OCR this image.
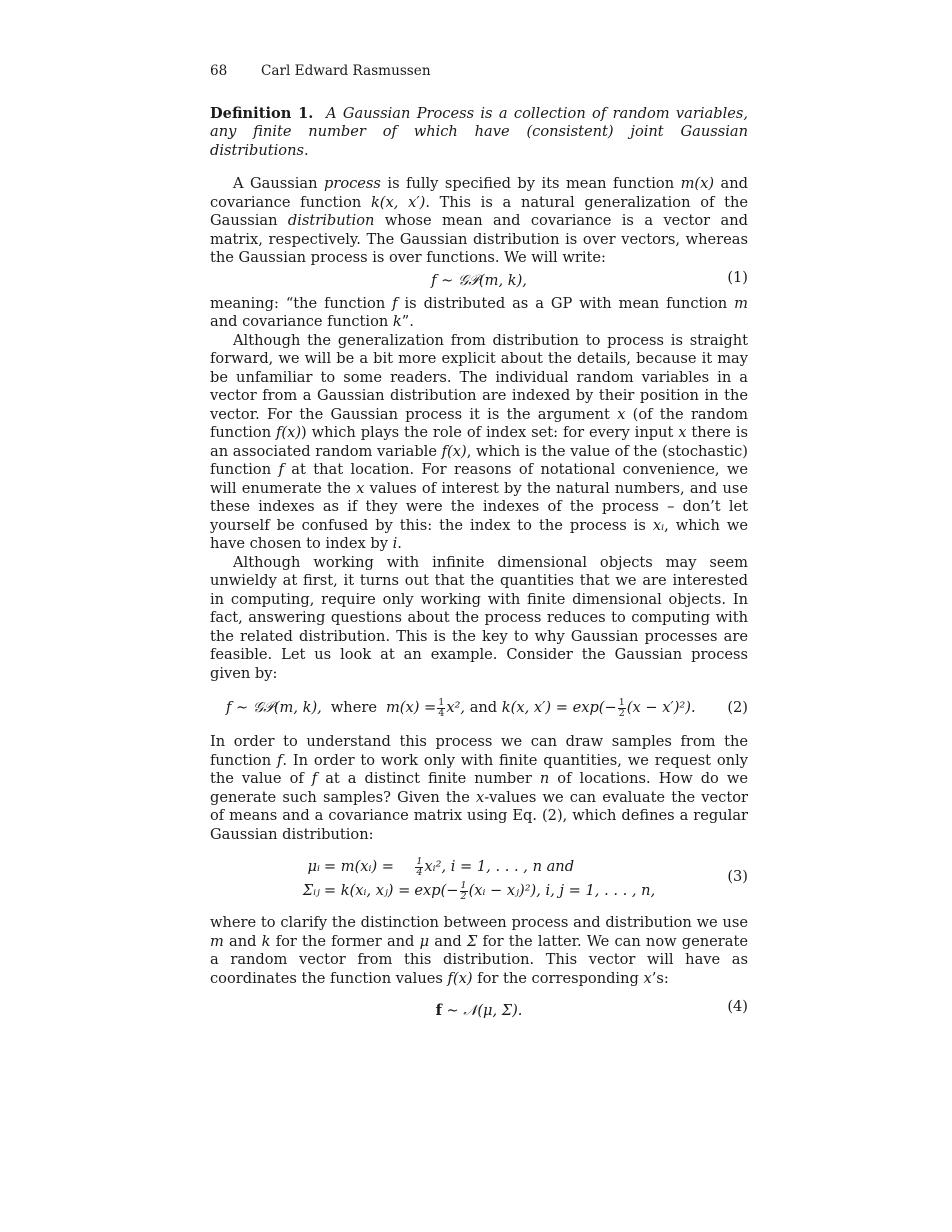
68	Carl Edward Rasmussen

Definition 1. A Gaussian Process is a collection of random variables, any finite number of which have (consistent) joint Gaussian distributions.

A Gaussian process is fully specified by its mean function m(x) and covariance function k(x, x′). This is a natural generalization of the Gaussian distribution whose mean and covariance is a vector and matrix, respectively. The Gaussian distribution is over vectors, whereas the Gaussian process is over functions. We will write:

f ∼ 𝒢𝒫(m, k),	(1)

meaning: “the function f is distributed as a GP with mean function m and covariance function k”.

Although the generalization from distribution to process is straight forward, we will be a bit more explicit about the details, because it may be unfamiliar to some readers. The individual random variables in a vector from a Gaussian distribution are indexed by their position in the vector. For the Gaussian process it is the argument x (of the random function f(x)) which plays the role of index set: for every input x there is an associated random variable f(x), which is the value of the (stochastic) function f at that location. For reasons of notational convenience, we will enumerate the x values of interest by the natural numbers, and use these indexes as if they were the indexes of the process – don’t let yourself be confused by this: the index to the process is xᵢ, which we have chosen to index by i.

Although working with infinite dimensional objects may seem unwieldy at first, it turns out that the quantities that we are interested in computing, require only working with finite dimensional objects. In fact, answering questions about the process reduces to computing with the related distribution. This is the key to why Gaussian processes are feasible. Let us look at an example. Consider the Gaussian process given by:

f ∼ 𝒢𝒫(m, k), where $m(x) = \frac{1}{4} x^2$,
and
k(x, $x') = \exp(- \frac{1}{2} (x - x')^2)$. (2)

In order to understand this process we can draw samples from the function f. In order to work only with finite quantities, we request only the value of f at a distinct finite number n of locations. How do we generate such samples? Given the x-values we can evaluate the vector of means and a covariance matrix using Eq. (2), which defines a regular Gaussian distribution:

μᵢ	= m(xᵢ) =	$\frac{1}{4}$ xᵢ², i = 1, . . . , n and
Σᵢⱼ	= k(xᵢ, xⱼ) =	$\exp(- \frac{1}{2}$ (xᵢ − xⱼ)²), i, j = 1, . . . , n,
(3)

where to clarify the distinction between process and distribution we use m and k for the former and μ and Σ for the latter. We can now generate a random vector from this distribution. This vector will have as coordinates the function values f(x) for the corresponding x’s:

f ∼ 𝒩(μ, Σ).	(4)
